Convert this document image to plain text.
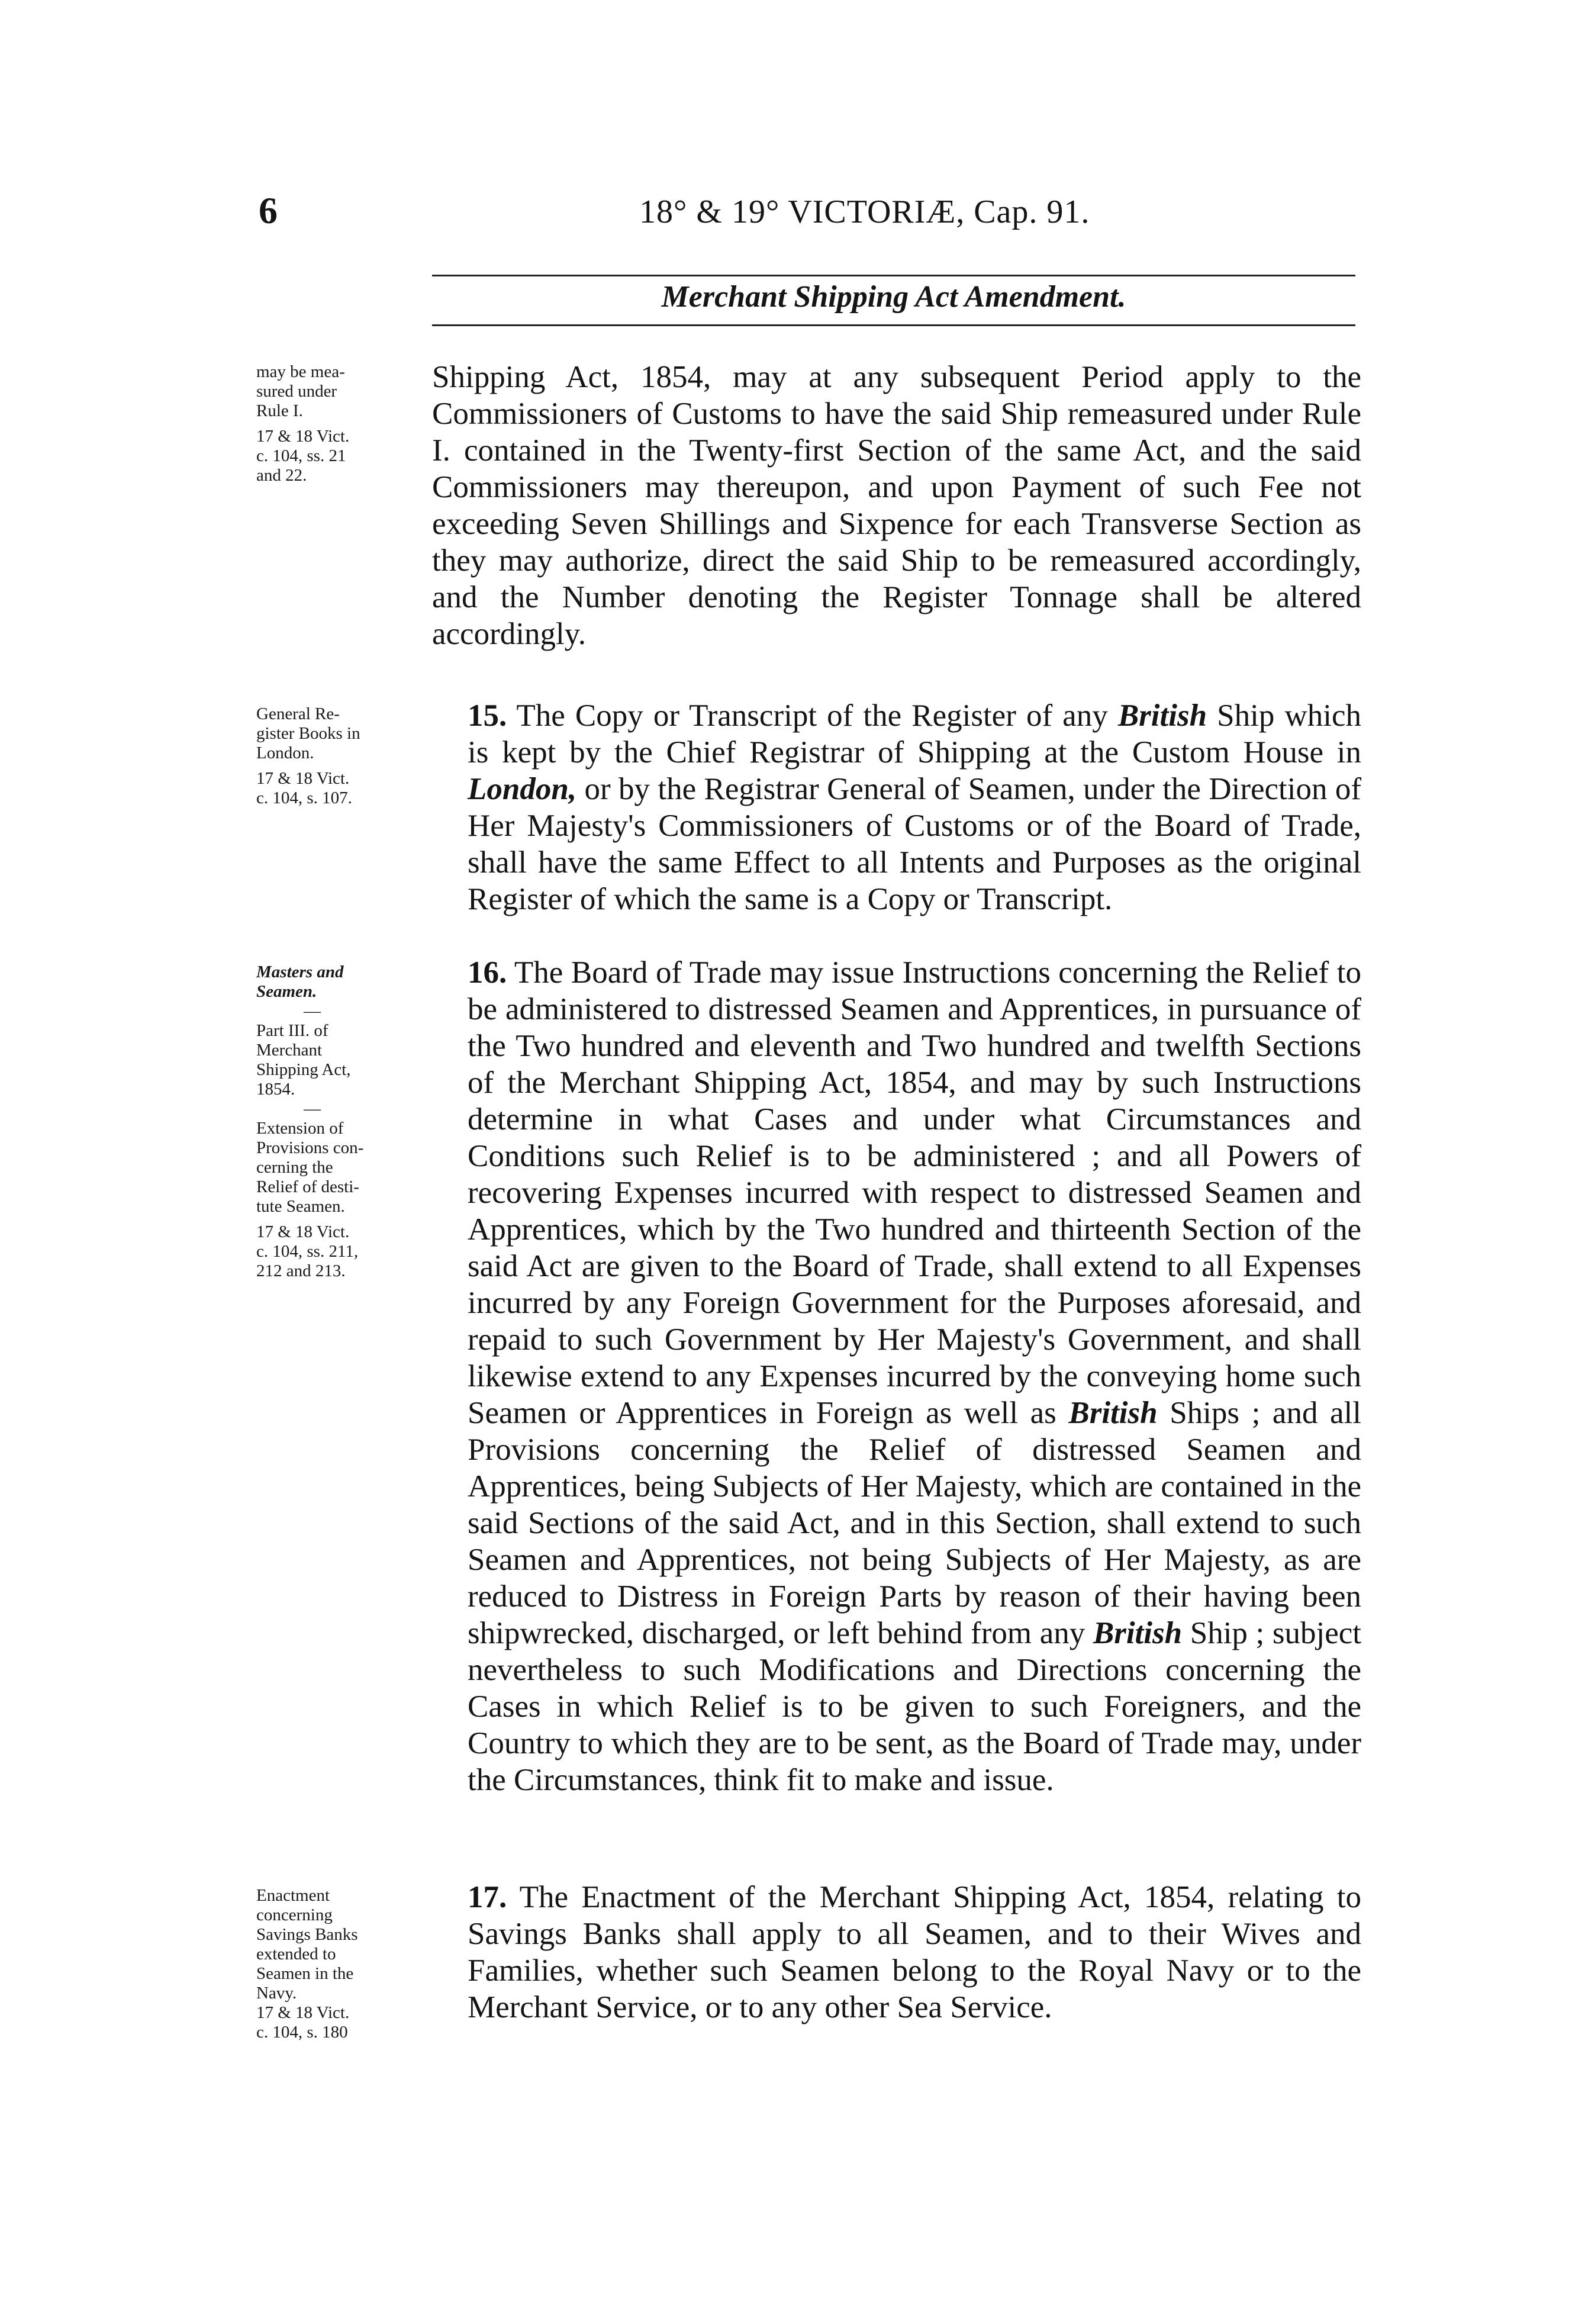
6	18° & 19° VICTORIÆ, Cap. 91.
Merchant Shipping Act Amendment.
may be mea-
sured under
Rule I.
17 & 18 Vict.
c. 104, ss. 21
and 22.
General Re-
gister Books in
London.
17 & 18 Vict.
c. 104, s. 107.
Masters and
Seamen.
—
Part III. of
Merchant
Shipping Act,
1854.
—
Extension of
Provisions con-
cerning the
Relief of desti-
tute Seamen.
17 & 18 Vict.
c. 104, ss. 211,
212 and 213.
Enactment
concerning
Savings Banks
extended to
Seamen in the
Navy.
17 & 18 Vict.
c. 104, s. 180
Shipping Act, 1854, may at any subsequent Period apply to the Commissioners of Customs to have the said Ship remeasured under Rule I. contained in the Twenty-first Section of the same Act, and the said Commissioners may thereupon, and upon Payment of such Fee not exceeding Seven Shillings and Sixpence for each Transverse Section as they may authorize, direct the said Ship to be remeasured accordingly, and the Number denoting the Register Tonnage shall be altered accordingly.
15. The Copy or Transcript of the Register of any British Ship which is kept by the Chief Registrar of Shipping at the Custom House in London, or by the Registrar General of Seamen, under the Direction of Her Majesty's Commissioners of Customs or of the Board of Trade, shall have the same Effect to all Intents and Purposes as the original Register of which the same is a Copy or Transcript.
16. The Board of Trade may issue Instructions concerning the Relief to be administered to distressed Seamen and Apprentices, in pursuance of the Two hundred and eleventh and Two hundred and twelfth Sections of the Merchant Shipping Act, 1854, and may by such Instructions determine in what Cases and under what Circumstances and Conditions such Relief is to be administered ; and all Powers of recovering Expenses incurred with respect to distressed Seamen and Apprentices, which by the Two hundred and thirteenth Section of the said Act are given to the Board of Trade, shall extend to all Expenses incurred by any Foreign Government for the Purposes aforesaid, and repaid to such Government by Her Majesty's Government, and shall likewise extend to any Expenses incurred by the conveying home such Seamen or Apprentices in Foreign as well as British Ships ; and all Provisions concerning the Relief of distressed Seamen and Apprentices, being Subjects of Her Majesty, which are contained in the said Sections of the said Act, and in this Section, shall extend to such Seamen and Apprentices, not being Subjects of Her Majesty, as are reduced to Distress in Foreign Parts by reason of their having been shipwrecked, discharged, or left behind from any British Ship ; subject nevertheless to such Modifications and Directions concerning the Cases in which Relief is to be given to such Foreigners, and the Country to which they are to be sent, as the Board of Trade may, under the Circumstances, think fit to make and issue.
17. The Enactment of the Merchant Shipping Act, 1854, relating to Savings Banks shall apply to all Seamen, and to their Wives and Families, whether such Seamen belong to the Royal Navy or to the Merchant Service, or to any other Sea Service.
